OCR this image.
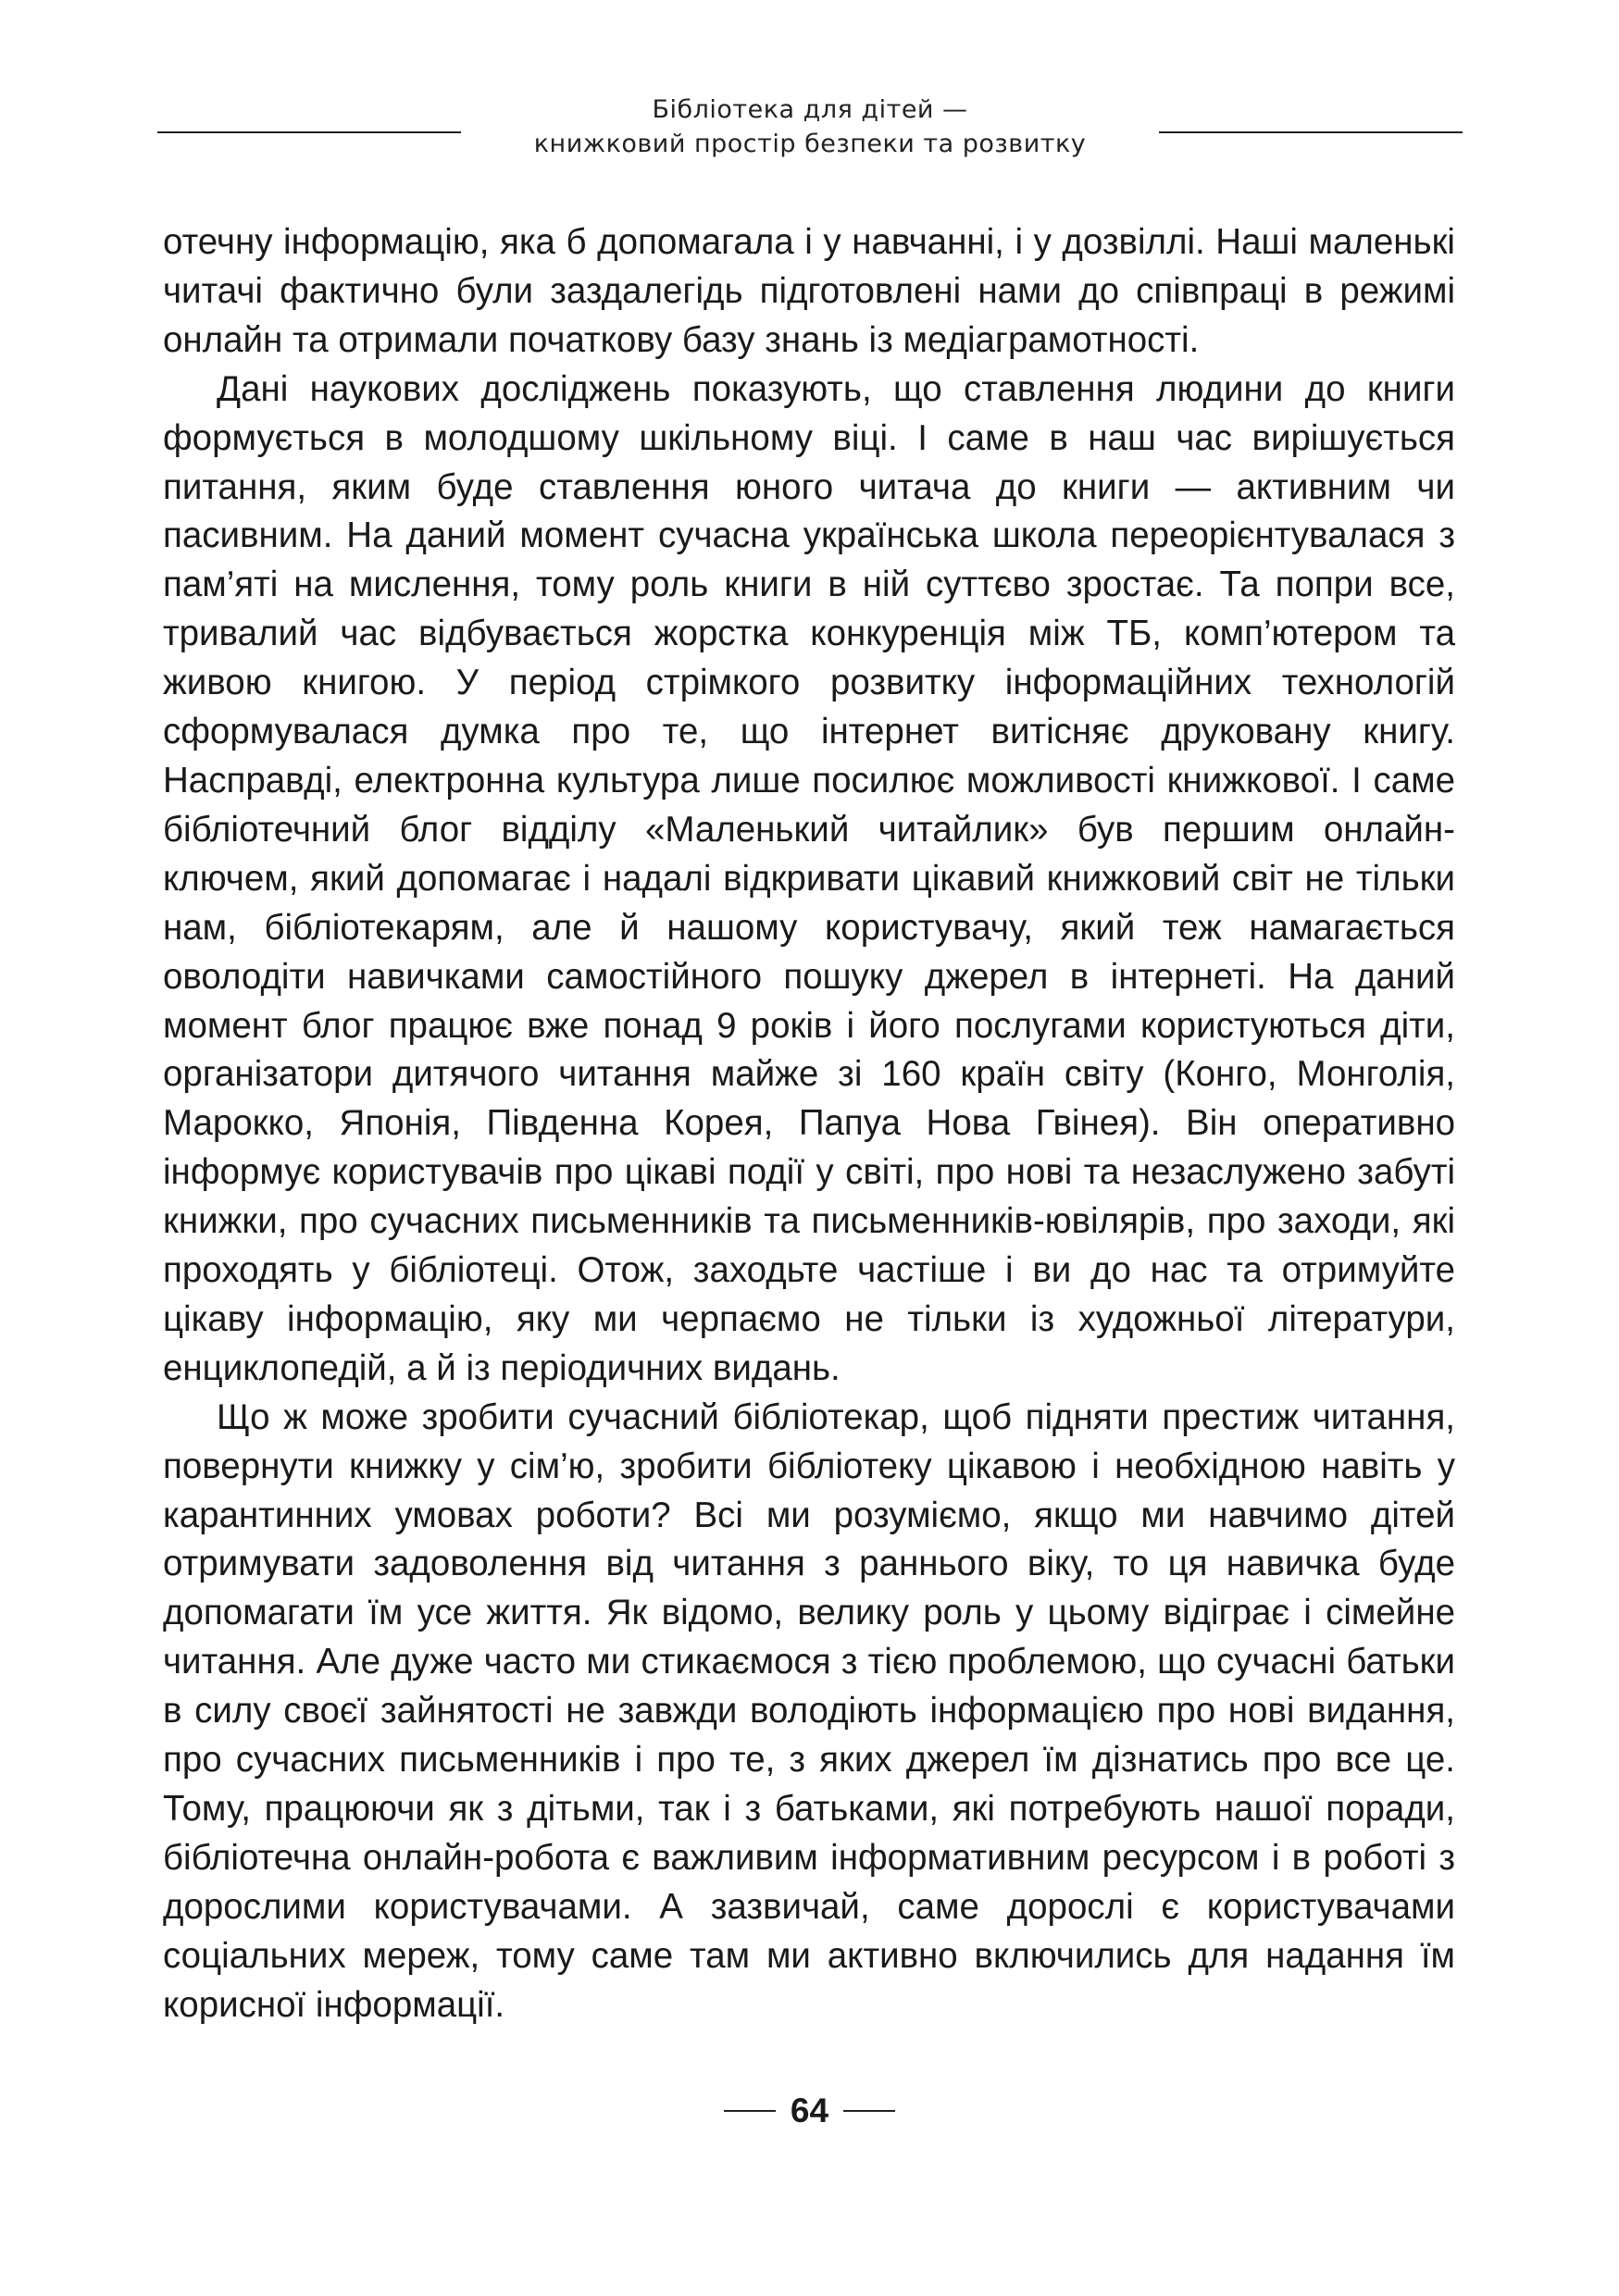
Бібліотека для дітей —
книжковий простір безпеки та розвитку

отечну інформацію, яка б допомагала і у навчанні, і у дозвіллі. Наші маленькі читачі фактично були заздалегідь підготовлені нами до співпраці в режимі онлайн та отримали початкову базу знань із медіаграмотності.

Дані наукових досліджень показують, що ставлення людини до книги формується в молодшому шкільному віці. І саме в наш час вирішується питання, яким буде ставлення юного читача до книги — активним чи пасивним. На даний момент сучасна українська школа переорієнтувалася з пам’яті на мислення, тому роль книги в ній суттєво зростає. Та попри все, тривалий час відбувається жорстка конкуренція між ТБ, комп’ютером та живою книгою. У період стрімкого розвитку інформаційних технологій сформувалася думка про те, що інтернет витісняє друковану книгу. Насправді, електронна культура лише посилює можливості книжкової. І саме бібліотечний блог відділу «Маленький читайлик» був першим онлайн-ключем, який допомагає і надалі відкривати цікавий книжковий світ не тільки нам, бібліотекарям, але й нашому користувачу, який теж намагається оволодіти навичками самостійного пошуку джерел в інтернеті. На даний момент блог працює вже понад 9 років і його послугами користуються діти, організатори дитячого читання майже зі 160 країн світу (Конго, Монголія, Марокко, Японія, Південна Корея, Папуа Нова Гвінея). Він оперативно інформує користувачів про цікаві події у світі, про нові та незаслужено забуті книжки, про сучасних письменників та письменників-ювілярів, про заходи, які проходять у бібліотеці. Отож, заходьте частіше і ви до нас та отримуйте цікаву інформацію, яку ми черпаємо не тільки із художньої літератури, енциклопедій, а й із періодичних видань.

Що ж може зробити сучасний бібліотекар, щоб підняти престиж читання, повернути книжку у сім’ю, зробити бібліотеку цікавою і необхідною навіть у карантинних умовах роботи? Всі ми розуміємо, якщо ми навчимо дітей отримувати задоволення від читання з раннього віку, то ця навичка буде допомагати їм усе життя. Як відомо, велику роль у цьому відіграє і сімейне читання. Але дуже часто ми стикаємося з тією проблемою, що сучасні батьки в силу своєї зайнятості не завжди володіють інформацією про нові видання, про сучасних письменників і про те, з яких джерел їм дізнатись про все це. Тому, працюючи як з дітьми, так і з батьками, які потребують нашої поради, бібліотечна онлайн-робота є важливим інформативним ресурсом і в роботі з дорослими користувачами. А зазвичай, саме дорослі є користувачами соціальних мереж, тому саме там ми активно включились для надання їм корисної інформації.

64
